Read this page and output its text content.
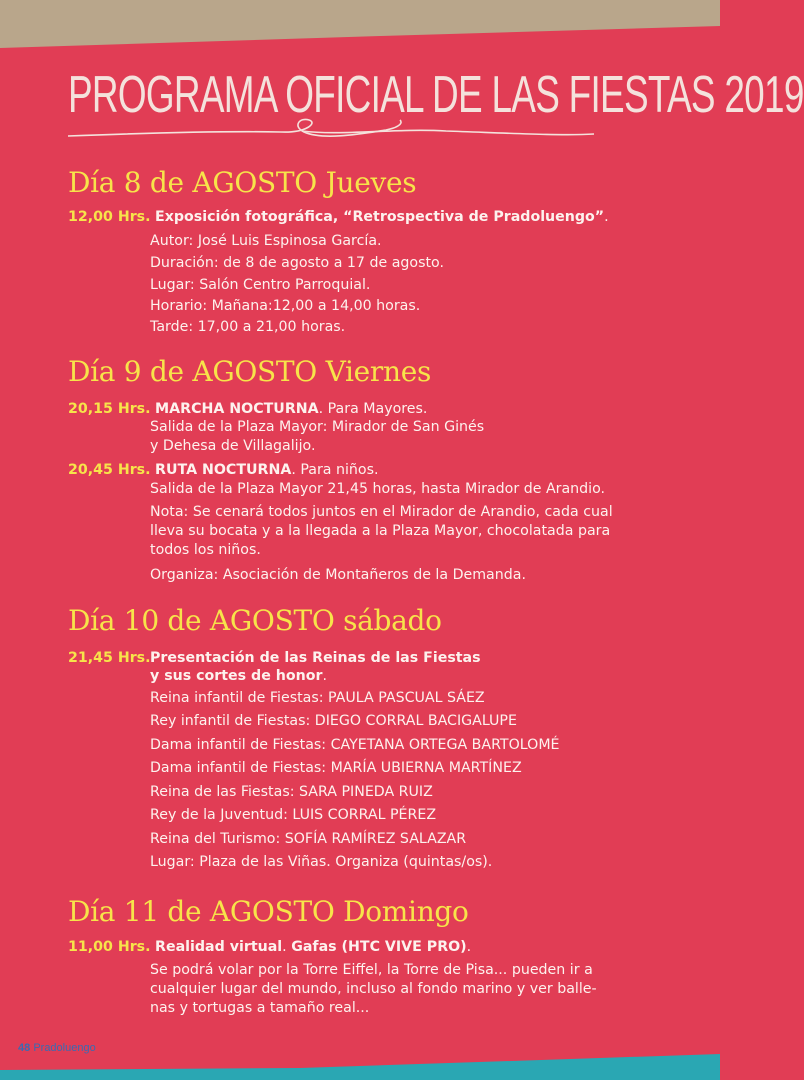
PROGRAMA OFICIAL DE LAS FIESTAS 2019
Día 8 de AGOSTO Jueves
12,00 Hrs. Exposición fotográfica, “Retrospectiva de Pradoluengo”.
Autor: José Luis Espinosa García.
Duración: de 8 de agosto a 17 de agosto.
Lugar: Salón Centro Parroquial.
Horario: Mañana:12,00 a 14,00 horas.
Tarde: 17,00 a 21,00 horas.
Día 9 de AGOSTO Viernes
20,15 Hrs. MARCHA NOCTURNA. Para Mayores.
Salida de la Plaza Mayor: Mirador de San Ginés
y Dehesa de Villagalijo.
20,45 Hrs. RUTA NOCTURNA. Para niños.
Salida de la Plaza Mayor 21,45 horas, hasta Mirador de Arandio.
Nota: Se cenará todos juntos en el Mirador de Arandio, cada cual
lleva su bocata y a la llegada a la Plaza Mayor, chocolatada para
todos los niños.
Organiza: Asociación de Montañeros de la Demanda.
Día 10 de AGOSTO sábado
21,45 Hrs. Presentación de las Reinas de las Fiestas
y sus cortes de honor.
Reina infantil de Fiestas: PAULA PASCUAL SÁEZ
Rey infantil de Fiestas: DIEGO CORRAL BACIGALUPE
Dama infantil de Fiestas: CAYETANA ORTEGA BARTOLOMÉ
Dama infantil de Fiestas: MARÍA UBIERNA MARTÍNEZ
Reina de las Fiestas: SARA PINEDA RUIZ
Rey de la Juventud: LUIS CORRAL PÉREZ
Reina del Turismo: SOFÍA RAMÍREZ SALAZAR
Lugar: Plaza de las Viñas. Organiza (quintas/os).
Día 11 de AGOSTO Domingo
11,00 Hrs. Realidad virtual. Gafas (HTC VIVE PRO).
Se podrá volar por la Torre Eiffel, la Torre de Pisa... pueden ir a
cualquier lugar del mundo, incluso al fondo marino y ver balle-
nas y tortugas a tamaño real...
48 Pradoluengo
